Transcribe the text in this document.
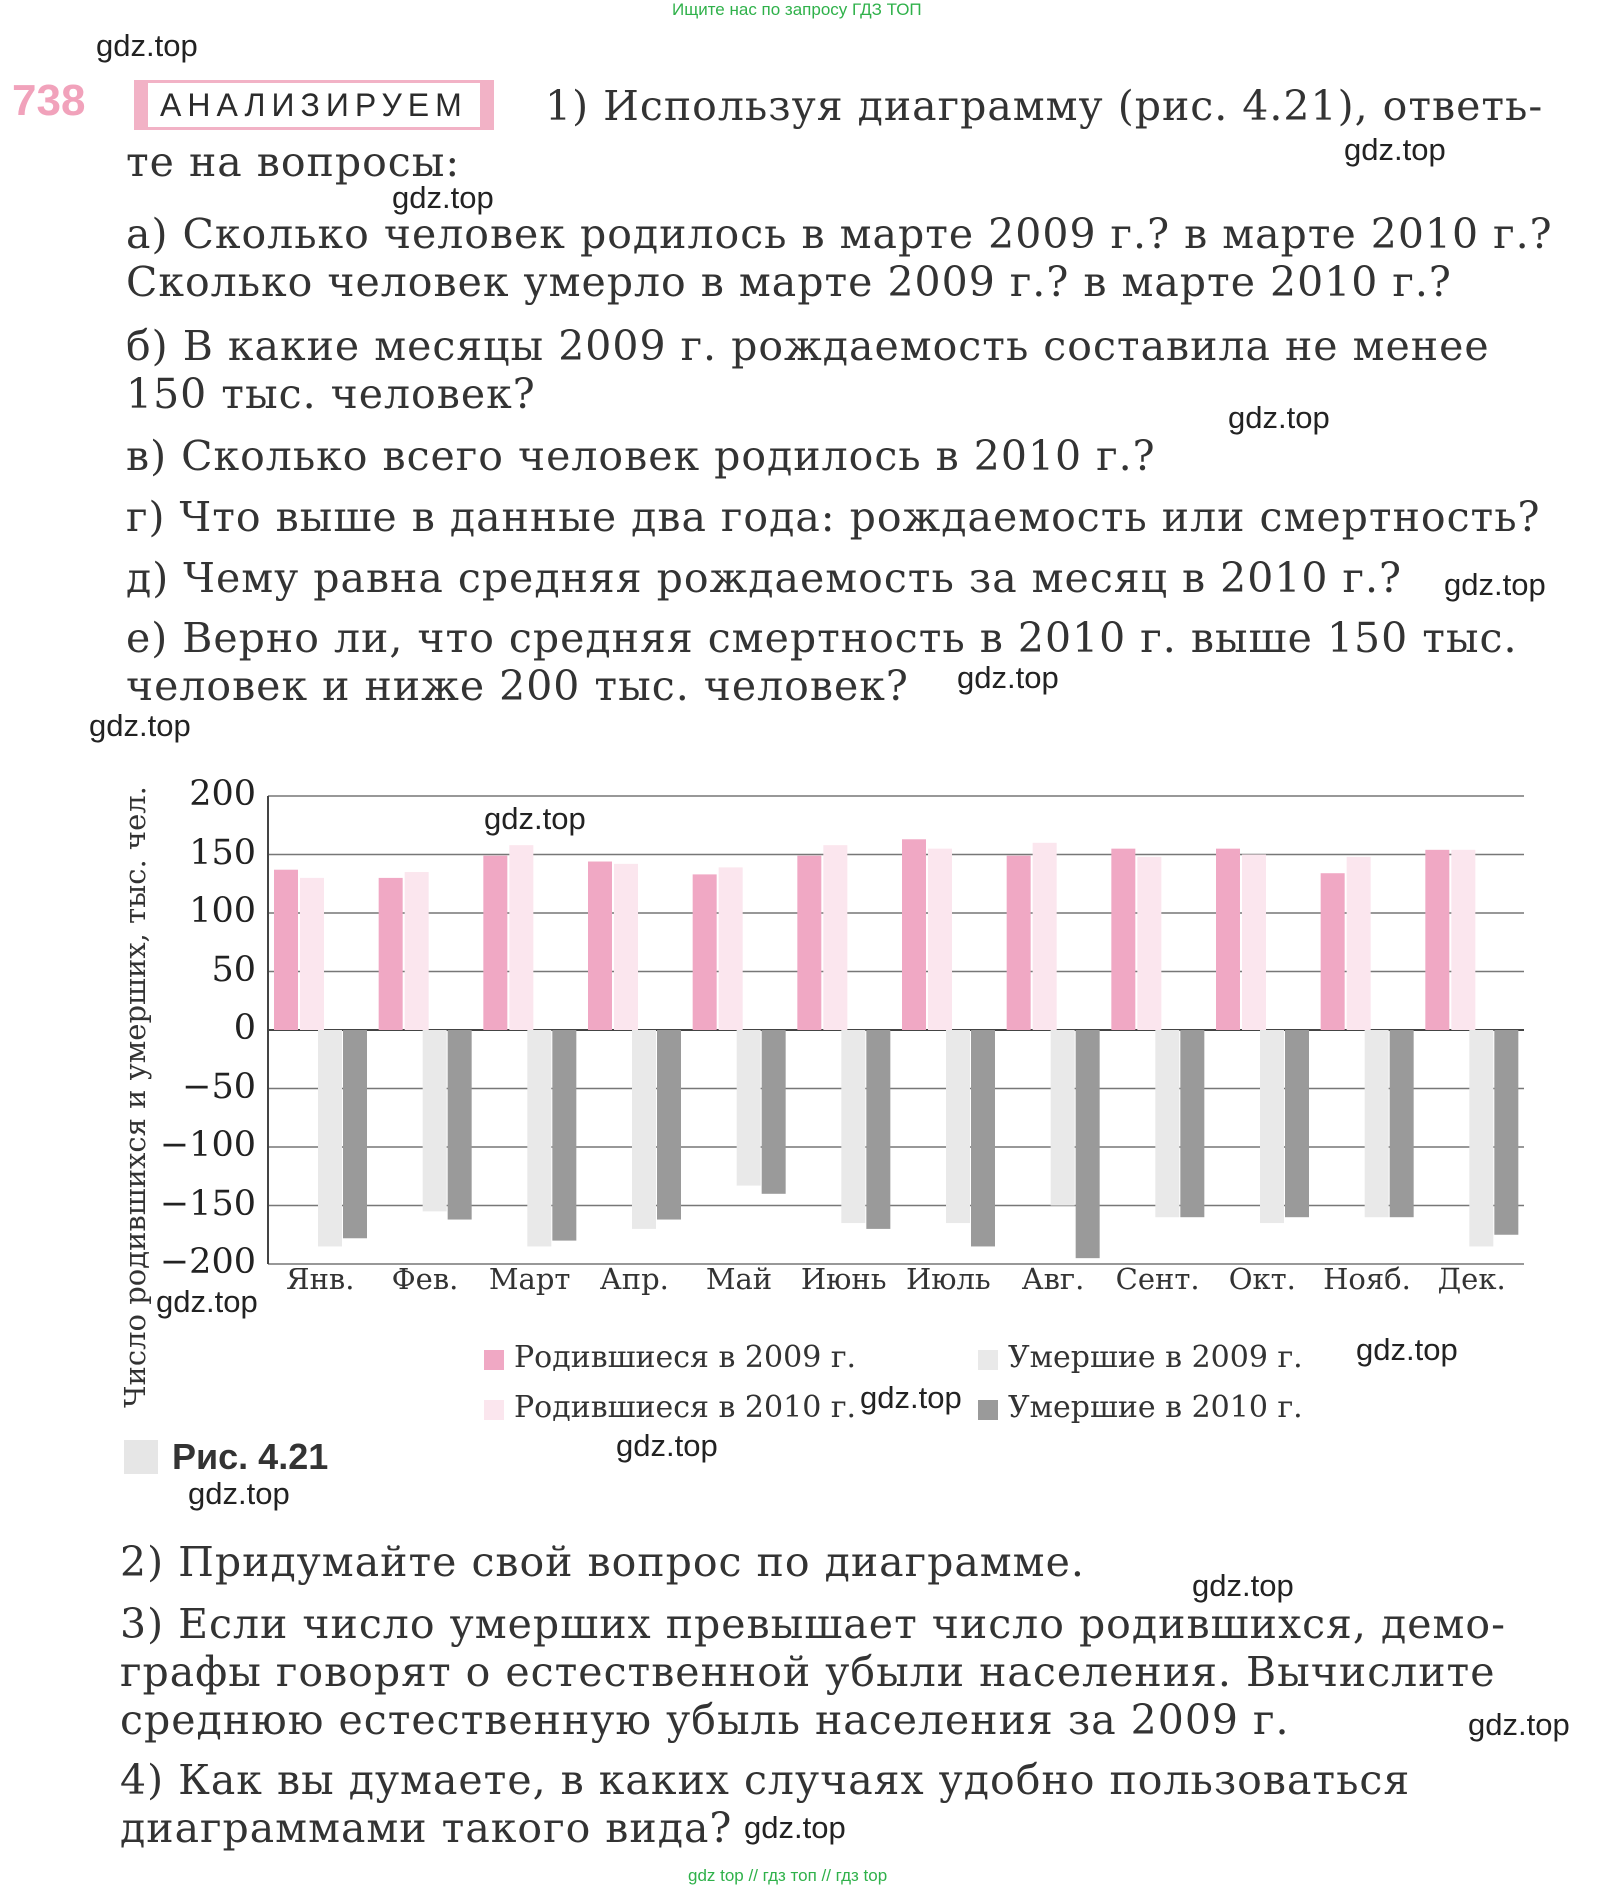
Ищите нас по запросу ГДЗ ТОП
gdz.top
gdz.top
gdz.top
gdz.top
gdz.top
gdz.top
gdz.top
gdz.top
gdz.top
gdz.top
gdz.top
gdz.top
gdz.top
gdz.top
gdz.top
gdz.top
738	АНАЛИЗИРУЕМ	1) Используя диаграмму (рис. 4.21), ответь-
те на вопросы:
а) Сколько человек родилось в марте 2009 г.? в марте 2010 г.?
Сколько человек умерло в марте 2009 г.? в марте 2010 г.?
б) В какие месяцы 2009 г. рождаемость составила не менее
150 тыс. человек?
в) Сколько всего человек родилось в 2010 г.?
г) Что выше в данные два года: рождаемость или смертность?
д) Чему равна средняя рождаемость за месяц в 2010 г.?
е) Верно ли, что средняя смертность в 2010 г. выше 150 тыс.
человек и ниже 200 тыс. человек?
Число родившихся и умерших, тыс. чел.	200
150
100
50
0
−50
−100
−150
−200	Янв.	Фев.	Март	Апр.	Май Июнь Июль	Авг.	Сент.	Окт. Нояб. Дек.
Родившиеся в 2009 г.
Родившиеся в 2010 г.
Умершие в 2009 г.
Умершие в 2010 г.
Рис. 4.21
2) Придумайте свой вопрос по диаграмме.
3) Если число умерших превышает число родившихся, демо-
графы говорят о естественной убыли населения. Вычислите
среднюю естественную убыль населения за 2009 г.
4) Как вы думаете, в каких случаях удобно пользоваться
диаграммами такого вида?
gdz top // гдз топ // гдз top
